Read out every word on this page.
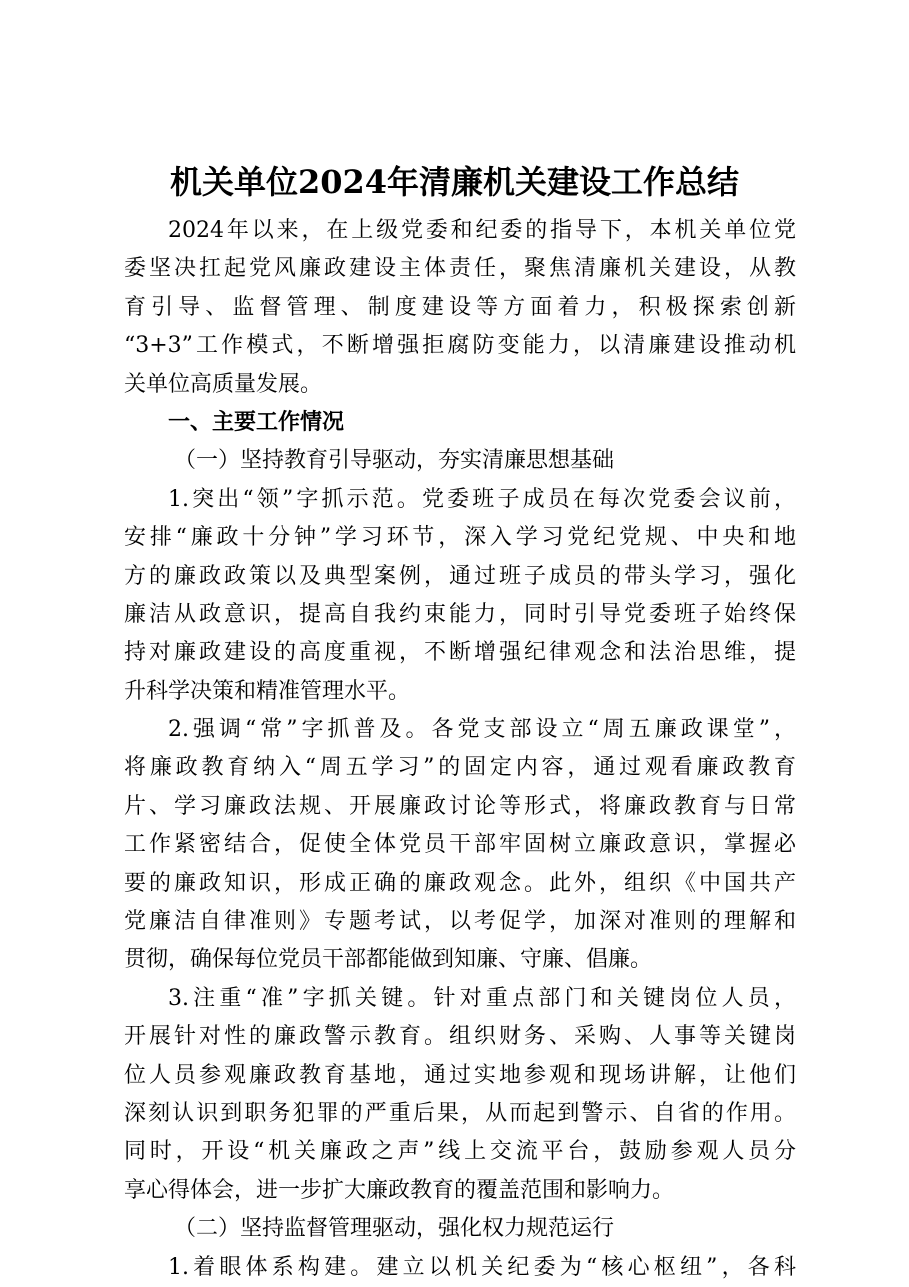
机关单位2024年清廉机关建设工作总结
2024年以来，在上级党委和纪委的指导下，本机关单位党
委坚决扛起党风廉政建设主体责任，聚焦清廉机关建设，从教
育引导、监督管理、制度建设等方面着力，积极探索创新
“3+3”工作模式，不断增强拒腐防变能力，以清廉建设推动机
关单位高质量发展。
一、主要工作情况
（一）坚持教育引导驱动，夯实清廉思想基础
1.突出“领”字抓示范。党委班子成员在每次党委会议前，
安排“廉政十分钟”学习环节，深入学习党纪党规、中央和地
方的廉政政策以及典型案例，通过班子成员的带头学习，强化
廉洁从政意识，提高自我约束能力，同时引导党委班子始终保
持对廉政建设的高度重视，不断增强纪律观念和法治思维，提
升科学决策和精准管理水平。
2.强调“常”字抓普及。各党支部设立“周五廉政课堂”，
将廉政教育纳入“周五学习”的固定内容，通过观看廉政教育
片、学习廉政法规、开展廉政讨论等形式，将廉政教育与日常
工作紧密结合，促使全体党员干部牢固树立廉政意识，掌握必
要的廉政知识，形成正确的廉政观念。此外，组织《中国共产
党廉洁自律准则》专题考试，以考促学，加深对准则的理解和
贯彻，确保每位党员干部都能做到知廉、守廉、倡廉。
3.注重“准”字抓关键。针对重点部门和关键岗位人员，
开展针对性的廉政警示教育。组织财务、采购、人事等关键岗
位人员参观廉政教育基地，通过实地参观和现场讲解，让他们
深刻认识到职务犯罪的严重后果，从而起到警示、自省的作用。
同时，开设“机关廉政之声”线上交流平台，鼓励参观人员分
享心得体会，进一步扩大廉政教育的覆盖范围和影响力。
（二）坚持监督管理驱动，强化权力规范运行
1.着眼体系构建。建立以机关纪委为“核心枢纽”，各科
